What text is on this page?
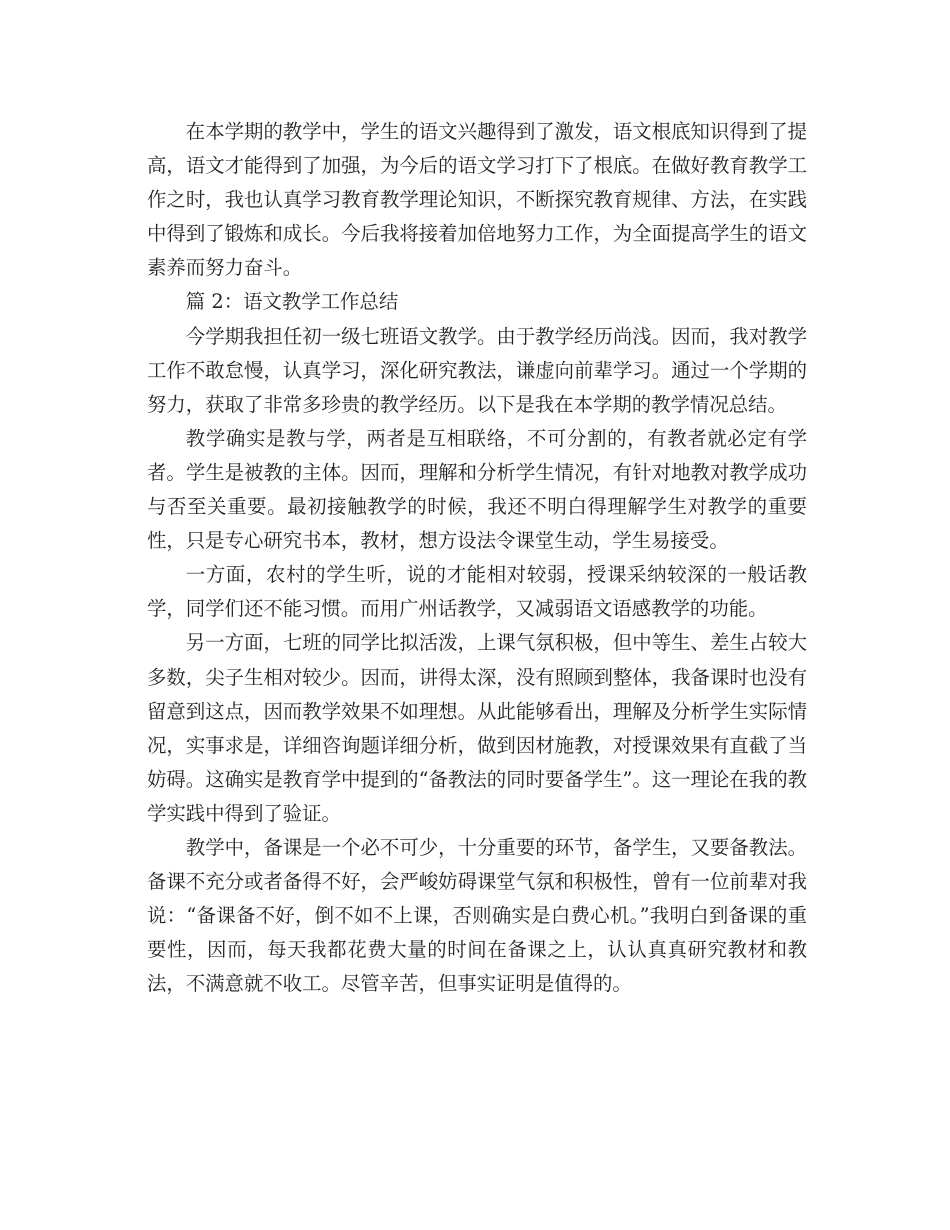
在本学期的教学中，学生的语文兴趣得到了激发，语文根底知识得到了提高，语文才能得到了加强，为今后的语文学习打下了根底。在做好教育教学工作之时，我也认真学习教育教学理论知识，不断探究教育规律、方法，在实践中得到了锻炼和成长。今后我将接着加倍地努力工作，为全面提高学生的语文素养而努力奋斗。

篇 2：语文教学工作总结

今学期我担任初一级七班语文教学。由于教学经历尚浅。因而，我对教学工作不敢怠慢，认真学习，深化研究教法，谦虚向前辈学习。通过一个学期的努力，获取了非常多珍贵的教学经历。以下是我在本学期的教学情况总结。

教学确实是教与学，两者是互相联络，不可分割的，有教者就必定有学者。学生是被教的主体。因而，理解和分析学生情况，有针对地教对教学成功与否至关重要。最初接触教学的时候，我还不明白得理解学生对教学的重要性，只是专心研究书本，教材，想方设法令课堂生动，学生易接受。

一方面，农村的学生听，说的才能相对较弱，授课采纳较深的一般话教学，同学们还不能习惯。而用广州话教学，又减弱语文语感教学的功能。

另一方面，七班的同学比拟活泼，上课气氛积极，但中等生、差生占较大多数，尖子生相对较少。因而，讲得太深，没有照顾到整体，我备课时也没有留意到这点，因而教学效果不如理想。从此能够看出，理解及分析学生实际情况，实事求是，详细咨询题详细分析，做到因材施教，对授课效果有直截了当妨碍。这确实是教育学中提到的“备教法的同时要备学生”。这一理论在我的教学实践中得到了验证。

教学中，备课是一个必不可少，十分重要的环节，备学生，又要备教法。备课不充分或者备得不好，会严峻妨碍课堂气氛和积极性，曾有一位前辈对我说：“备课备不好，倒不如不上课，否则确实是白费心机。”我明白到备课的重要性，因而，每天我都花费大量的时间在备课之上，认认真真研究教材和教法，不满意就不收工。尽管辛苦，但事实证明是值得的。
